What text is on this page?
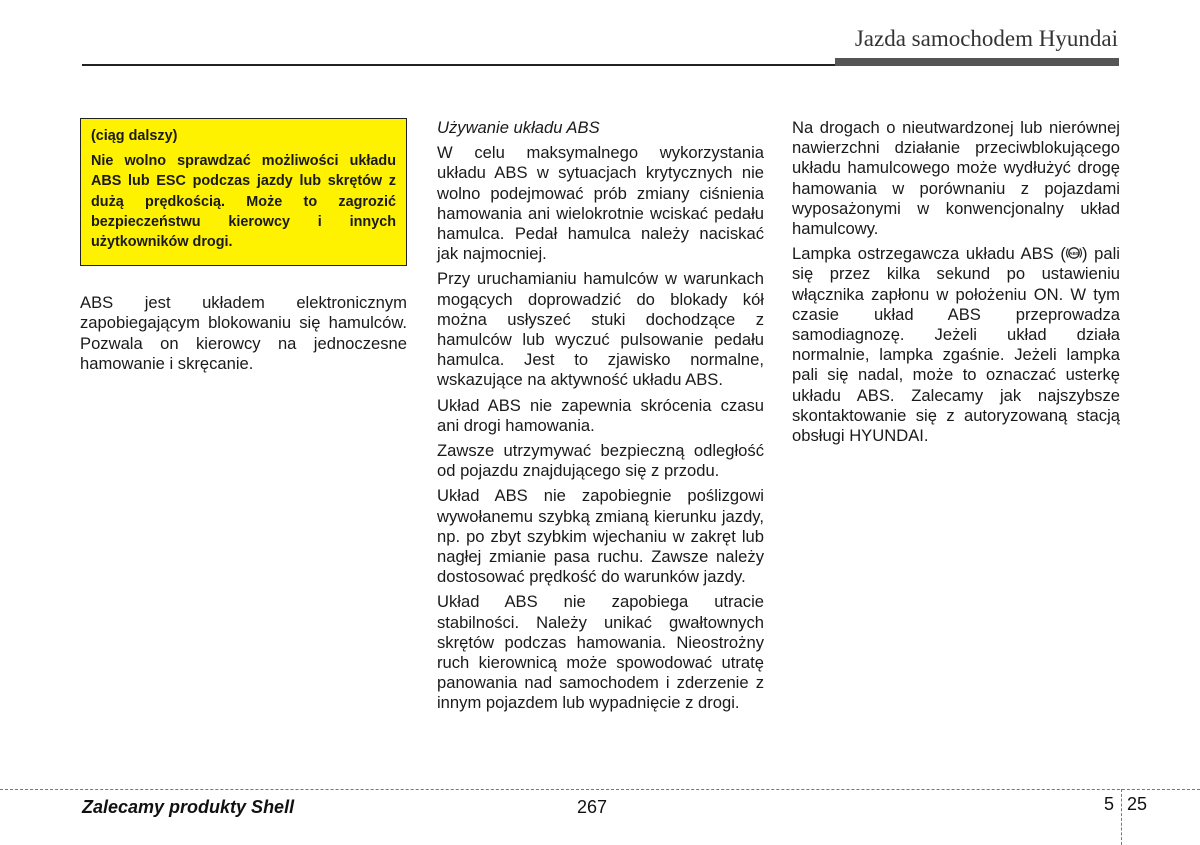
Jazda samochodem Hyundai

(ciąg dalszy)

Nie wolno sprawdzać możliwości układu ABS lub ESC podczas jazdy lub skrętów z dużą prędkością. Może to zagrozić bezpieczeństwu kierowcy i innych użytkowników drogi.

ABS jest układem elektronicznym zapobiegającym blokowaniu się hamulców. Pozwala on kierowcy na jednoczesne hamowanie i skręcanie.

Używanie układu ABS

W celu maksymalnego wykorzystania układu ABS w sytuacjach krytycznych nie wolno podejmować prób zmiany ciśnienia hamowania ani wielokrotnie wciskać pedału hamulca. Pedał hamulca należy naciskać jak najmocniej.

Przy uruchamianiu hamulców w warunkach mogących doprowadzić do blokady kół można usłyszeć stuki dochodzące z hamulców lub wyczuć pulsowanie pedału hamulca. Jest to zjawisko normalne, wskazujące na aktywność układu ABS.

Układ ABS nie zapewnia skrócenia czasu ani drogi hamowania.

Zawsze utrzymywać bezpieczną odległość od pojazdu znajdującego się z przodu.

Układ ABS nie zapobiegnie poślizgowi wywołanemu szybką zmianą kierunku jazdy, np. po zbyt szybkim wjechaniu w zakręt lub nagłej zmianie pasa ruchu. Zawsze należy dostosować prędkość do warunków jazdy.

Układ ABS nie zapobiega utracie stabilności. Należy unikać gwałtownych skrętów podczas hamowania. Nieostrożny ruch kierownicą może spowodować utratę panowania nad samochodem i zderzenie z innym pojazdem lub wypadnięcie z drogi.

Na drogach o nieutwardzonej lub nierównej nawierzchni działanie przeciwblokującego układu hamulcowego może wydłużyć drogę hamowania w porównaniu z pojazdami wyposażonymi w konwencjonalny układ hamulcowy.

Lampka ostrzegawcza układu ABS ( ABS ) pali się przez kilka sekund po ustawieniu włącznika zapłonu w położeniu ON. W tym czasie układ ABS przeprowadza samodiagnozę. Jeżeli układ działa normalnie, lampka zgaśnie. Jeżeli lampka pali się nadal, może to oznaczać usterkę układu ABS. Zalecamy jak najszybsze skontaktowanie się z autoryzowaną stacją obsługi HYUNDAI.

Zalecamy produkty Shell	267	5 25
